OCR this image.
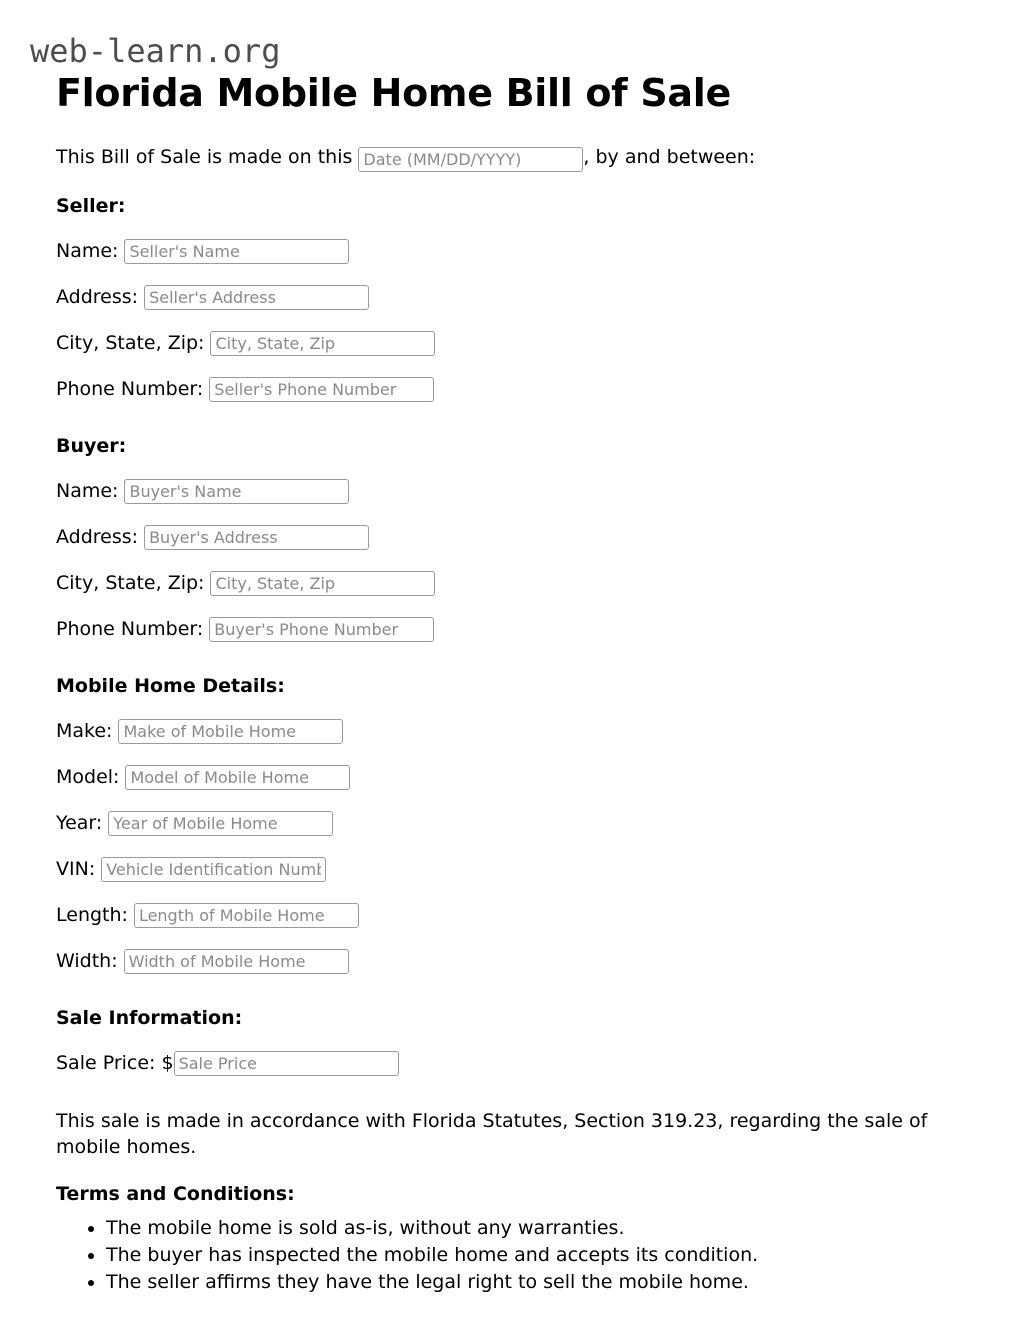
web-learn.org
Florida Mobile Home Bill of Sale

This Bill of Sale is made on this Date (MM/DD/YYYY)	, by and between:

Seller:
Name:
Seller's Name
Address:
Seller's Address
City, State, Zip:
City, State, Zip
Phone Number:
Seller's Phone Number
Buyer:
Name:
Buyer's Name
Address:
Buyer's Address
City, State, Zip:
City, State, Zip
Phone Number:
Buyer's Phone Number
Mobile Home Details:
Make:
Make of Mobile Home
Model:
Model of Mobile Home
Year:
Year of Mobile Home
VIN:
Vehicle Identification Number
Length:
Length of Mobile Home
Width:
Width of Mobile Home
Sale Information:
Sale Price: $
Sale Price

This sale is made in accordance with Florida Statutes, Section 319.23, regarding the sale of mobile homes.

Terms and Conditions:
• The mobile home is sold as-is, without any warranties.
• The buyer has inspected the mobile home and accepts its condition.
• The seller affirms they have the legal right to sell the mobile home.
